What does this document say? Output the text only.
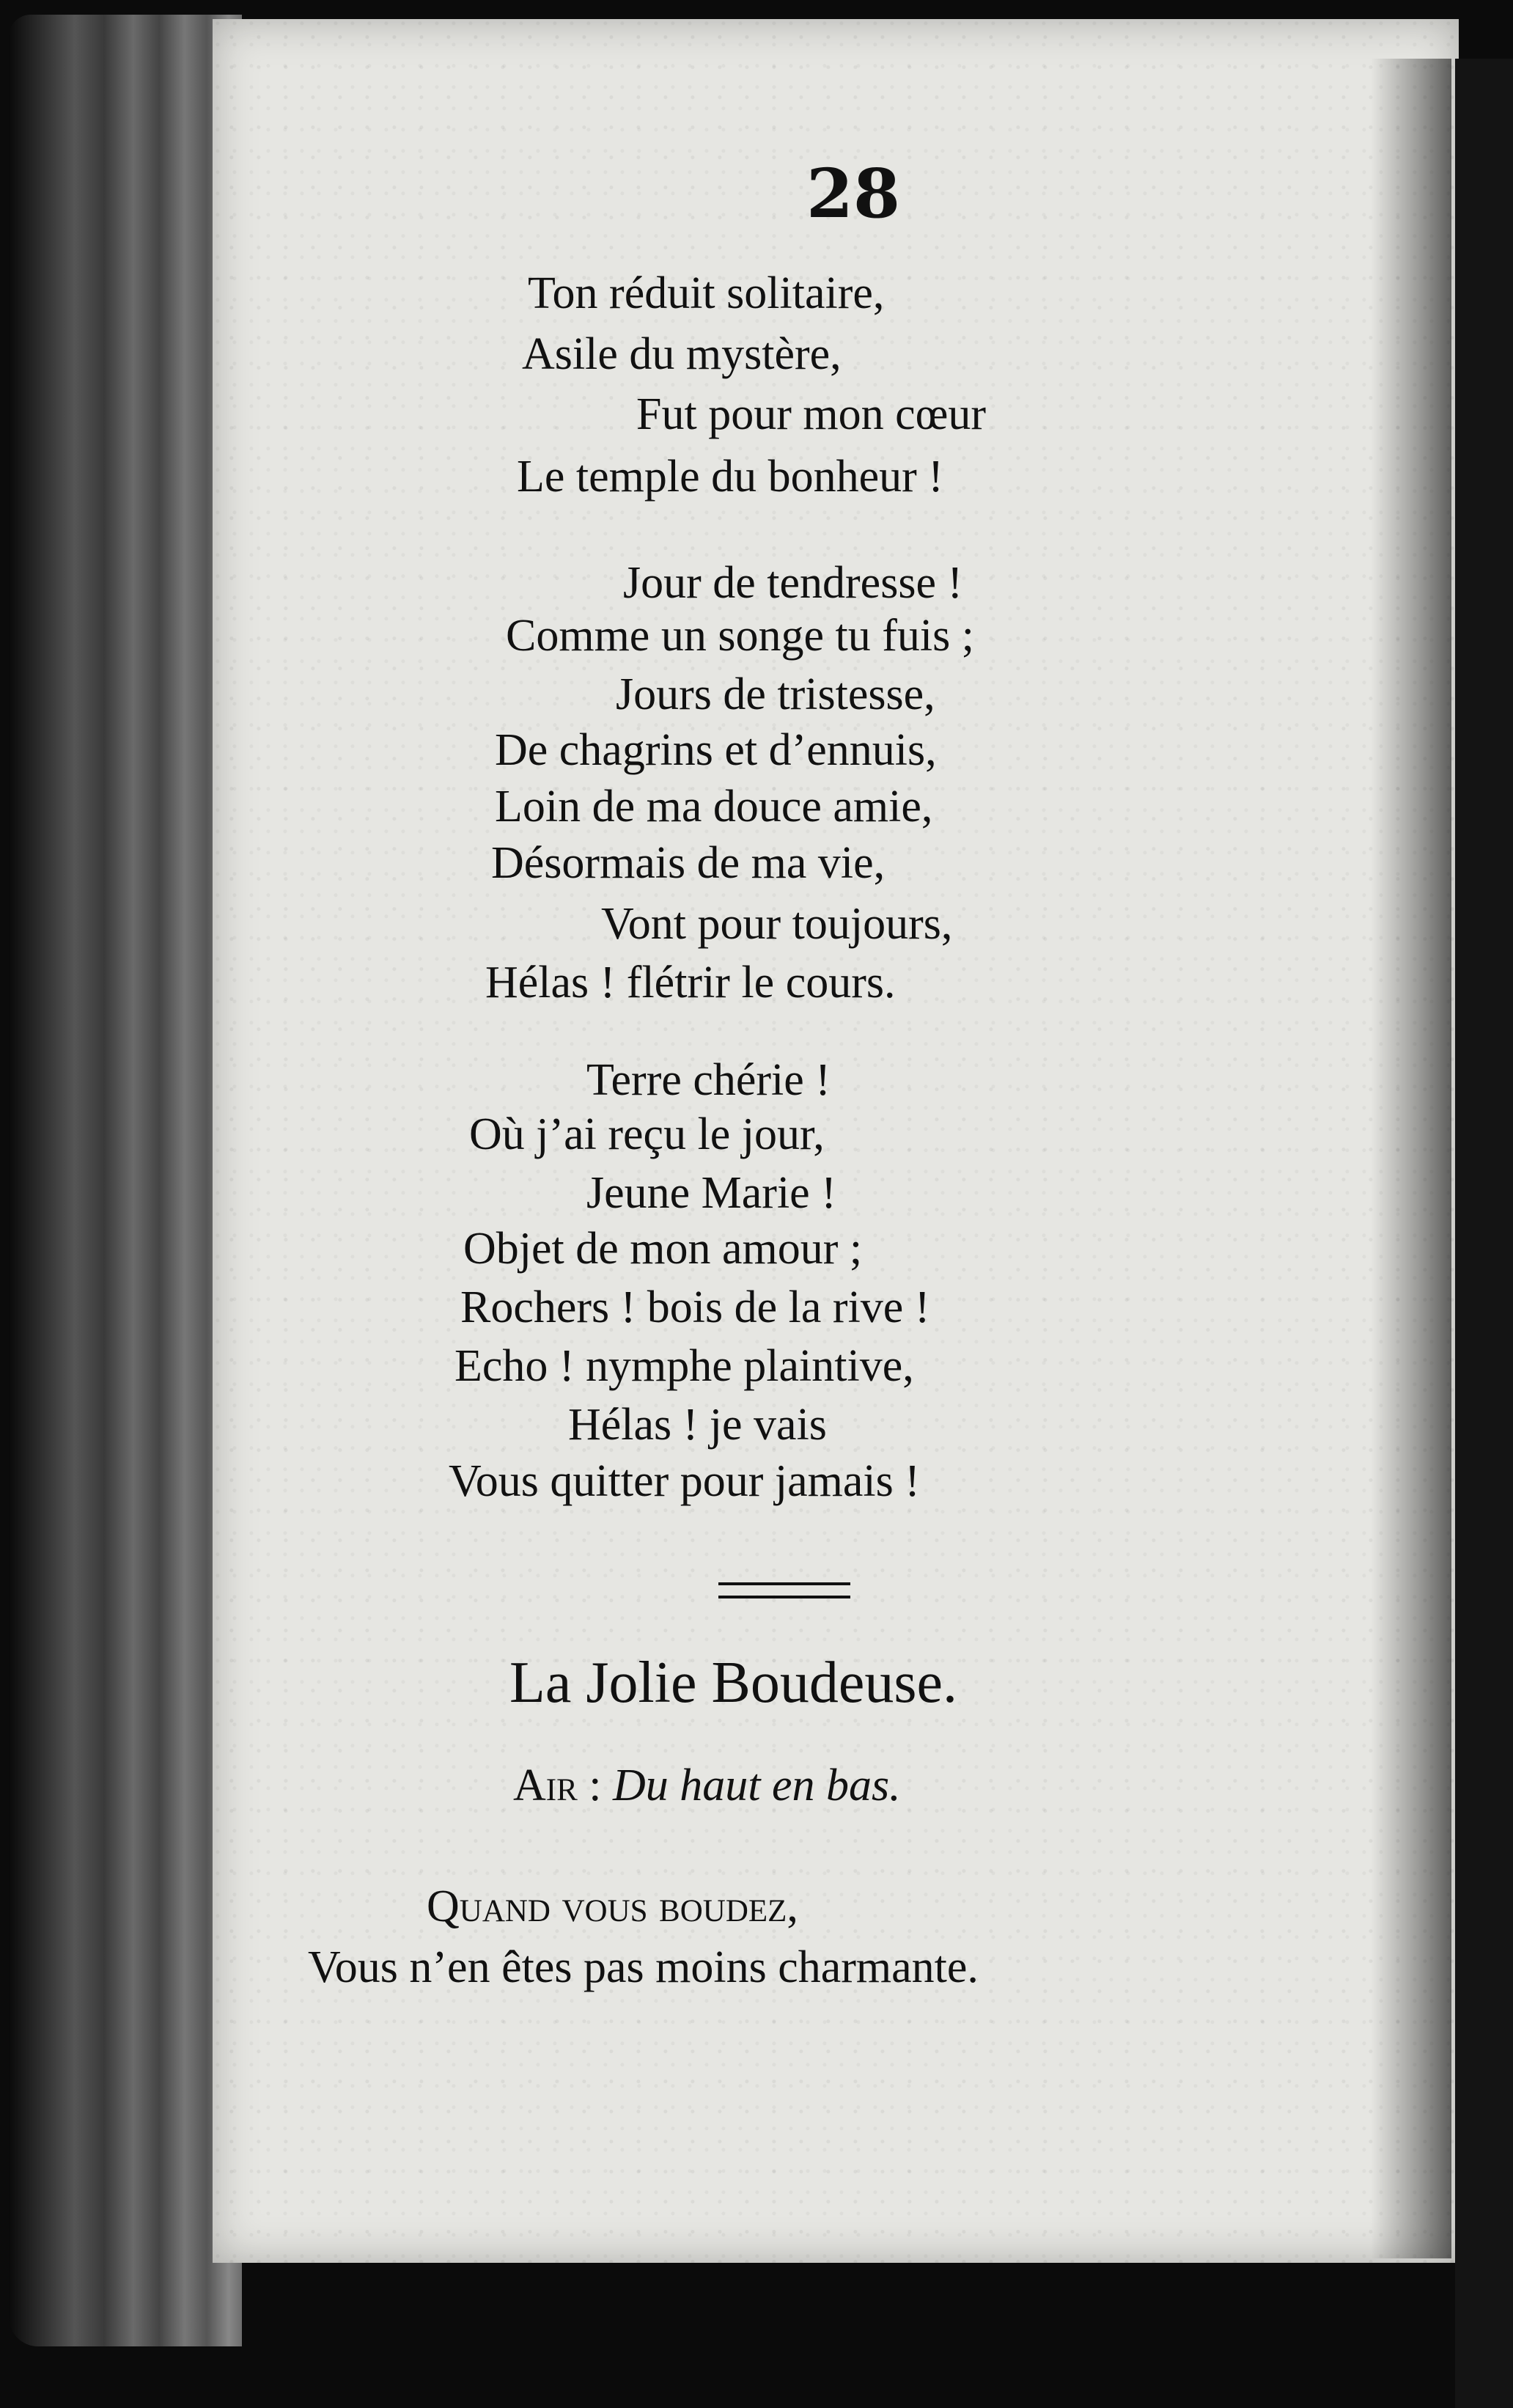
28
Ton réduit solitaire,
Asile du mystère,
Fut pour mon cœur
Le temple du bonheur !
Jour de tendresse !
Comme un songe tu fuis ;
Jours de tristesse,
De chagrins et d’ennuis,
Loin de ma douce amie,
Désormais de ma vie,
Vont pour toujours,
Hélas ! flétrir le cours.
Terre chérie !
Où j’ai reçu le jour,
Jeune Marie !
Objet de mon amour ;
Rochers ! bois de la rive !
Echo ! nymphe plaintive,
Hélas ! je vais
Vous quitter pour jamais !
La Jolie Boudeuse.
Air : Du haut en bas.
Quand vous boudez,
Vous n’en êtes pas moins charmante.
